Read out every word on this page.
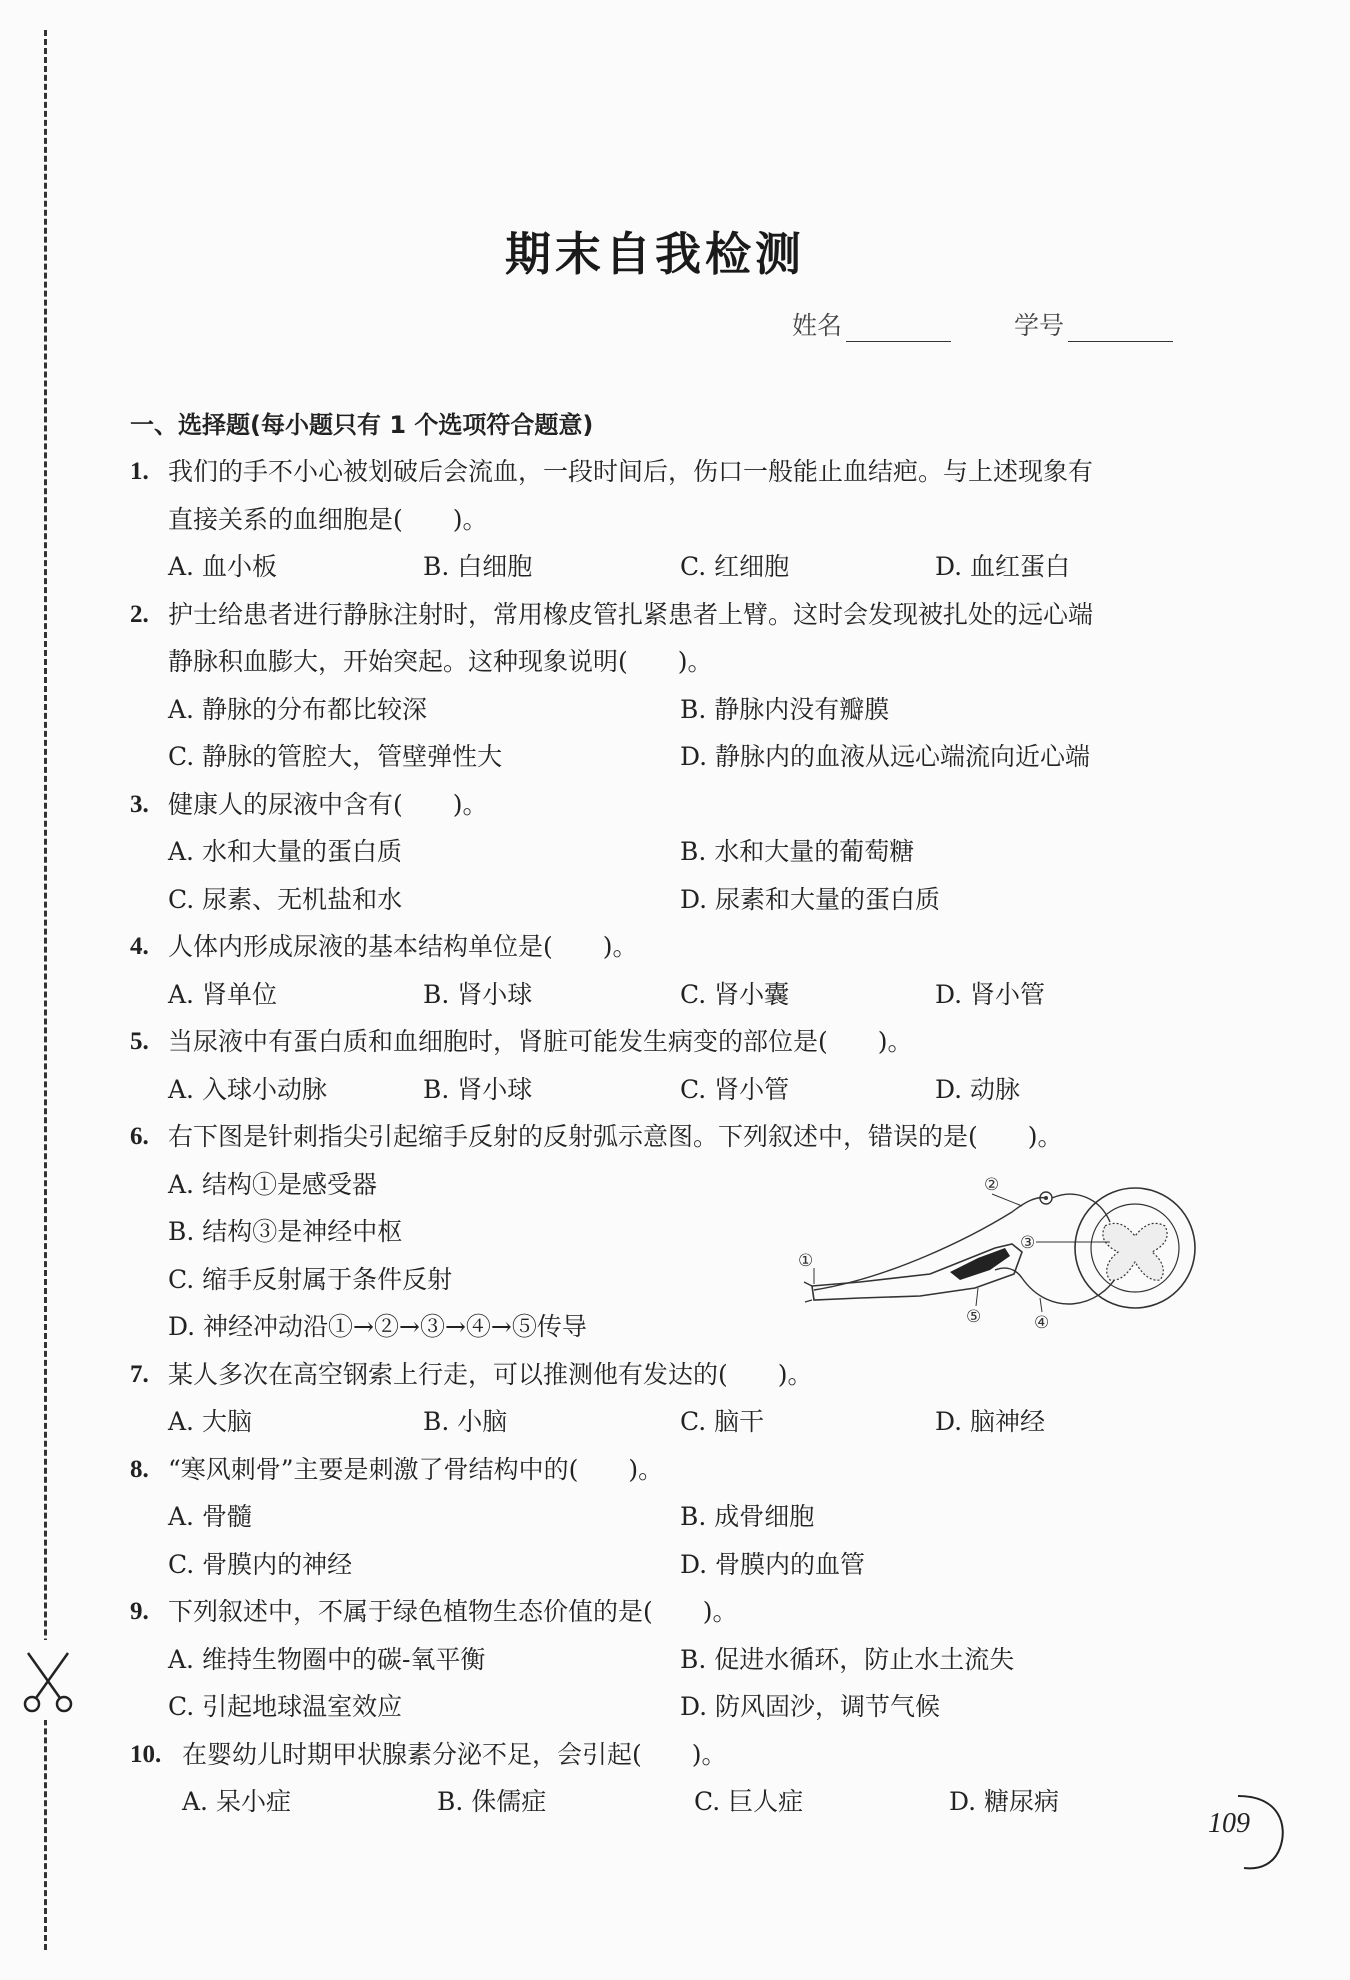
期末自我检测
姓名	学号
一、选择题(每小题只有 1 个选项符合题意)
1. 我们的手不小心被划破后会流血，一段时间后，伤口一般能止血结疤。与上述现象有
直接关系的血细胞是(　　)。
A. 血小板	B. 白细胞	C. 红细胞	D. 血红蛋白
2. 护士给患者进行静脉注射时，常用橡皮管扎紧患者上臂。这时会发现被扎处的远心端
静脉积血膨大，开始突起。这种现象说明(　　)。
A. 静脉的分布都比较深	B. 静脉内没有瓣膜
C. 静脉的管腔大，管壁弹性大	D. 静脉内的血液从远心端流向近心端
3. 健康人的尿液中含有(　　)。
A. 水和大量的蛋白质	B. 水和大量的葡萄糖
C. 尿素、无机盐和水	D. 尿素和大量的蛋白质
4. 人体内形成尿液的基本结构单位是(　　)。
A. 肾单位	B. 肾小球	C. 肾小囊	D. 肾小管
5. 当尿液中有蛋白质和血细胞时，肾脏可能发生病变的部位是(　　)。
A. 入球小动脉	B. 肾小球	C. 肾小管	D. 动脉
6. 右下图是针刺指尖引起缩手反射的反射弧示意图。下列叙述中，错误的是(　　)。
A. 结构①是感受器
B. 结构③是神经中枢
C. 缩手反射属于条件反射
D. 神经冲动沿①→②→③→④→⑤传导
7. 某人多次在高空钢索上行走，可以推测他有发达的(　　)。
A. 大脑	B. 小脑	C. 脑干	D. 脑神经
8. “寒风刺骨”主要是刺激了骨结构中的(　　)。
A. 骨髓	B. 成骨细胞
C. 骨膜内的神经	D. 骨膜内的血管
9. 下列叙述中，不属于绿色植物生态价值的是(　　)。
A. 维持生物圈中的碳-氧平衡	B. 促进水循环，防止水土流失
C. 引起地球温室效应	D. 防风固沙，调节气候
10. 在婴幼儿时期甲状腺素分泌不足，会引起(　　)。
A. 呆小症	B. 侏儒症	C. 巨人症	D. 糖尿病
①
②
③
④
⑤
109
